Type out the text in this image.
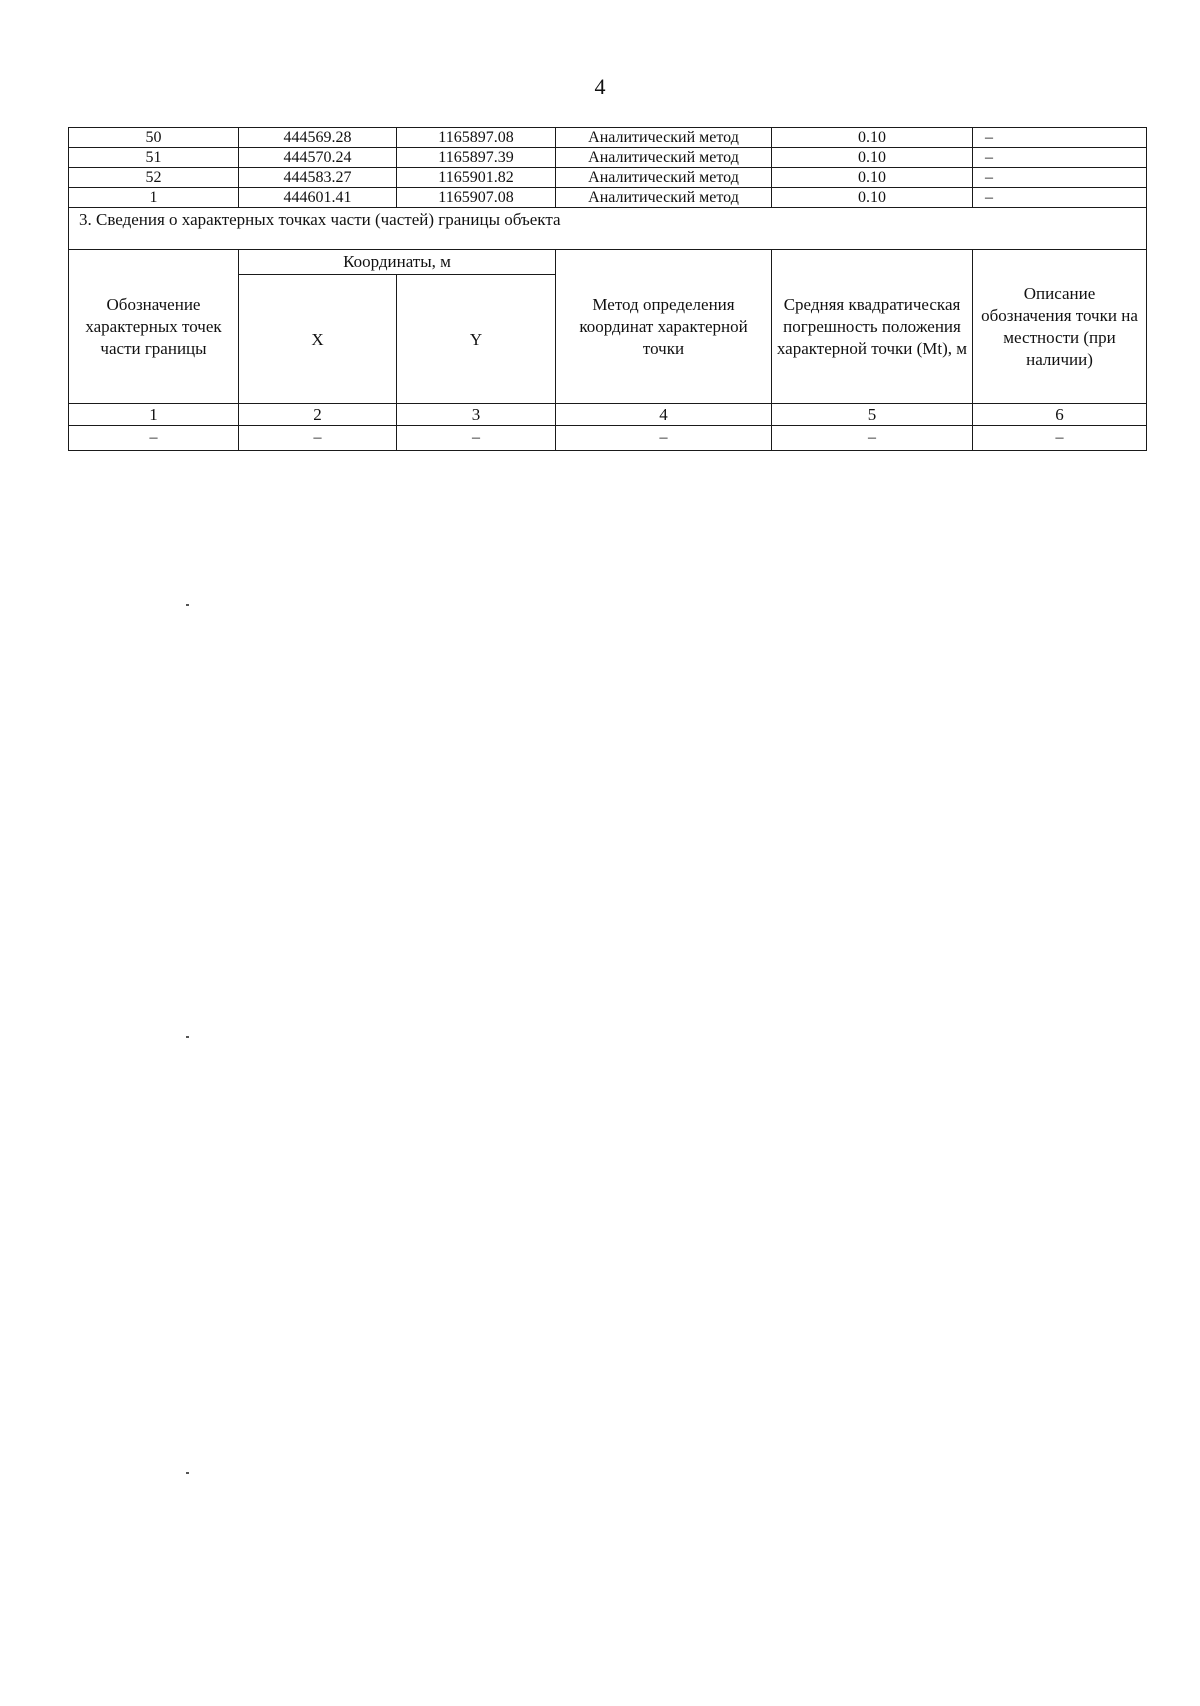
4
50	444569.28	1165897.08	Аналитический метод	0.10	–
51	444570.24	1165897.39	Аналитический метод	0.10	–
52	444583.27	1165901.82	Аналитический метод	0.10	–
1	444601.41	1165907.08	Аналитический метод	0.10	–
3. Сведения о характерных точках части (частей) границы объекта					
Обозначение характерных точек части границы	Координаты, м		Метод определения координат характерной точки	Средняя квадратическая погрешность положения характерной точки (Mt), м	Описание обозначения точки на местности (при наличии)
	X	Y			
1	2	3	4	5	6
–	–	–	–	–	–
